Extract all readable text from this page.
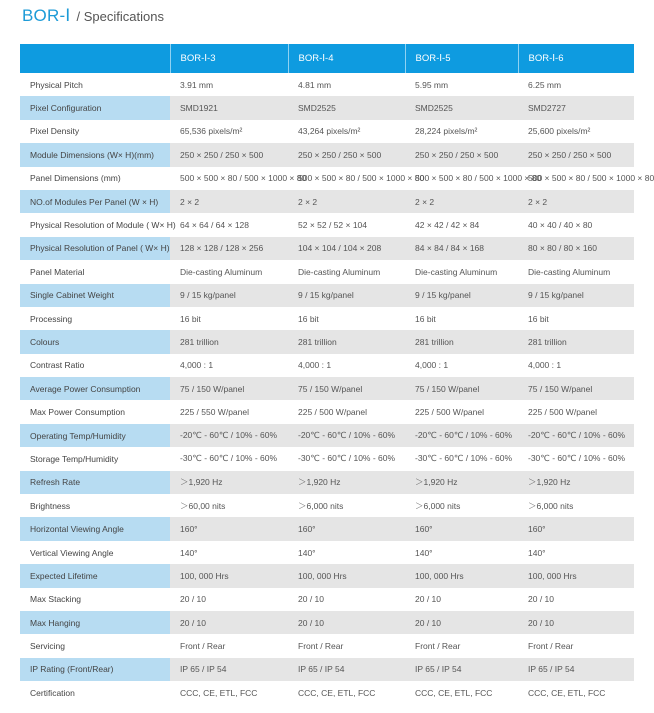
BOR-Ⅰ / Specifications
	BOR-Ⅰ-3	BOR-Ⅰ-4	BOR-Ⅰ-5	BOR-Ⅰ-6
Physical Pitch	3.91 mm	4.81 mm	5.95 mm	6.25 mm
Pixel Configuration	SMD1921	SMD2525	SMD2525	SMD2727
Pixel Density	65,536 pixels/m²	43,264 pixels/m²	28,224 pixels/m²	25,600 pixels/m²
Module Dimensions (W× H)(mm)	250 × 250 / 250 × 500	250 × 250 / 250 × 500	250 × 250 / 250 × 500	250 × 250 / 250 × 500
Panel Dimensions (mm)	500 × 500 × 80 / 500 × 1000 × 80	500 × 500 × 80 / 500 × 1000 × 80	500 × 500 × 80 / 500 × 1000 × 80	500 × 500 × 80 / 500 × 1000 × 80
NO.of Modules Per Panel (W × H)	2 × 2	2 × 2	2 × 2	2 × 2
Physical Resolution of Module ( W× H)	64 × 64 / 64 × 128	52 × 52 / 52 × 104	42 × 42 / 42 × 84	40 × 40 / 40 × 80
Physical Resolution of Panel ( W× H)	128 × 128 / 128 × 256	104 × 104 / 104 × 208	84 × 84 / 84 × 168	80 × 80 / 80 × 160
Panel Material	Die-casting Aluminum	Die-casting Aluminum	Die-casting Aluminum	Die-casting Aluminum
Single Cabinet Weight	9 / 15 kg/panel	9 / 15 kg/panel	9 / 15 kg/panel	9 / 15 kg/panel
Processing	16 bit	16 bit	16 bit	16 bit
Colours	281 trillion	281 trillion	281 trillion	281 trillion
Contrast Ratio	4,000 : 1	4,000 : 1	4,000 : 1	4,000 : 1
Average Power Consumption	75 / 150 W/panel	75 / 150 W/panel	75 / 150 W/panel	75 / 150 W/panel
Max Power Consumption	225 / 550 W/panel	225 / 500 W/panel	225 / 500 W/panel	225 / 500 W/panel
Operating Temp/Humidity	-20℃ - 60℃ / 10% - 60%	-20℃ - 60℃ / 10% - 60%	-20℃ - 60℃ / 10% - 60%	-20℃ - 60℃ / 10% - 60%
Storage Temp/Humidity	-30℃ - 60℃ / 10% - 60%	-30℃ - 60℃ / 10% - 60%	-30℃ - 60℃ / 10% - 60%	-30℃ - 60℃ / 10% - 60%
Refresh Rate	＞1,920 Hz	＞1,920 Hz	＞1,920 Hz	＞1,920 Hz
Brightness	＞60,00 nits	＞6,000 nits	＞6,000 nits	＞6,000 nits
Horizontal Viewing Angle	160°	160°	160°	160°
Vertical Viewing Angle	140°	140°	140°	140°
Expected Lifetime	100, 000 Hrs	100, 000 Hrs	100, 000 Hrs	100, 000 Hrs
Max Stacking	20 / 10	20 / 10	20 / 10	20 / 10
Max Hanging	20 / 10	20 / 10	20 / 10	20 / 10
Servicing	Front / Rear	Front / Rear	Front / Rear	Front / Rear
IP Rating (Front/Rear)	IP 65 / IP 54	IP 65 / IP 54	IP 65 / IP 54	IP 65 / IP 54
Certification	CCC, CE, ETL, FCC	CCC, CE, ETL, FCC	CCC, CE, ETL, FCC	CCC, CE, ETL, FCC
